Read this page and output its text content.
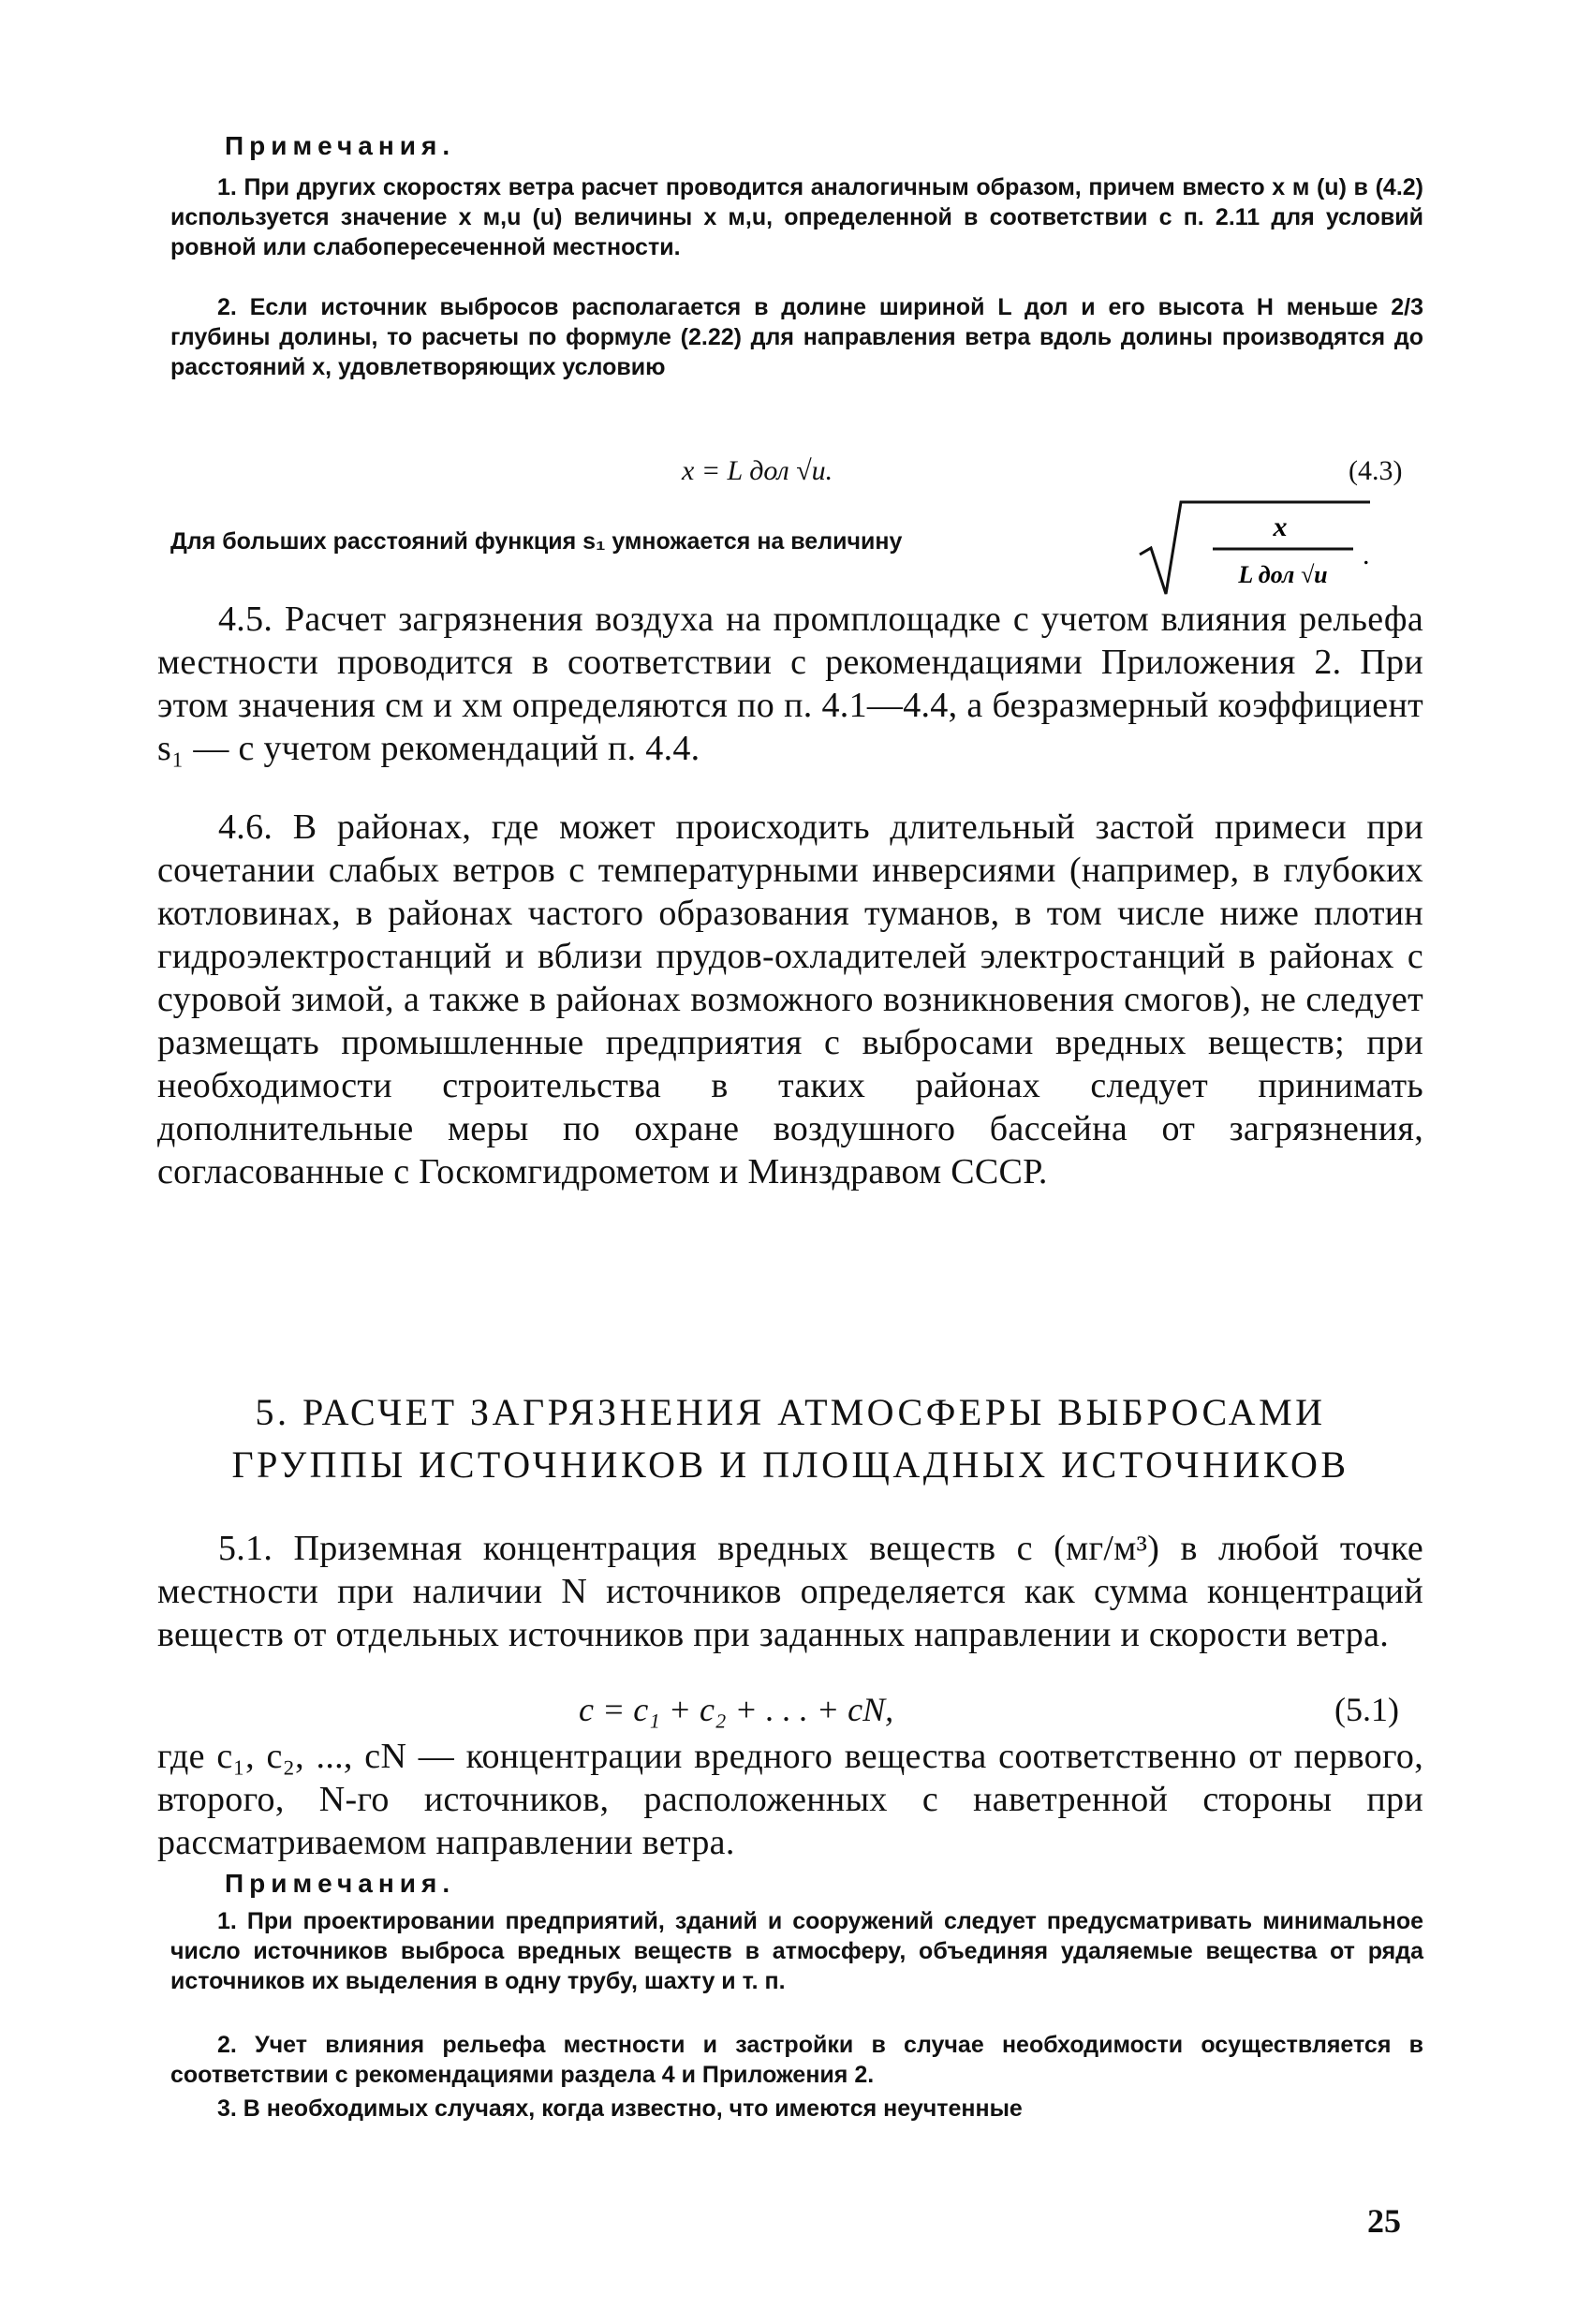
Примечания.

1. При других скоростях ветра расчет проводится аналогичным образом, причем вместо x м (u) в (4.2) используется значение x м,u (u) величины x м,u, определенной в соответствии с п. 2.11 для условий ровной или слабопересеченной местности.

2. Если источник выбросов располагается в долине шириной L дол и его высота H меньше 2/3 глубины долины, то расчеты по формуле (2.22) для направления ветра вдоль долины производятся до расстояний x, удовлетворяющих условию

x = L дол √u.	(4.3)

Для больших расстояний функция s₁ умножается на величину	x
L дол √u
.

4.5. Расчет загрязнения воздуха на промплощадке с учетом влияния рельефа местности проводится в соответствии с рекомендациями Приложения 2. При этом значения cм и xм определяются по п. 4.1—4.4, а безразмерный коэффициент s₁ — с учетом рекомендаций п. 4.4.

4.6. В районах, где может происходить длительный застой примеси при сочетании слабых ветров с температурными инверсиями (например, в глубоких котловинах, в районах частого образования туманов, в том числе ниже плотин гидроэлектростанций и вблизи прудов-охладителей электростанций в районах с суровой зимой, а также в районах возможного возникновения смогов), не следует размещать промышленные предприятия с выбросами вредных веществ; при необходимости строительства в таких районах следует принимать дополнительные меры по охране воздушного бассейна от загрязнения, согласованные с Госкомгидрометом и Минздравом СССР.

5. РАСЧЕТ ЗАГРЯЗНЕНИЯ АТМОСФЕРЫ ВЫБРОСАМИ
ГРУППЫ ИСТОЧНИКОВ И ПЛОЩАДНЫХ ИСТОЧНИКОВ

5.1. Приземная концентрация вредных веществ c (мг/м³) в любой точке местности при наличии N источников определяется как сумма концентраций веществ от отдельных источников при заданных направлении и скорости ветра.

c = c₁ + c₂ + . . . + cN,	(5.1)

где c₁, c₂, ..., cN — концентрации вредного вещества соответственно от первого, второго, N-го источников, расположенных с наветренной стороны при рассматриваемом направлении ветра.

Примечания.

1. При проектировании предприятий, зданий и сооружений следует предусматривать минимальное число источников выброса вредных веществ в атмосферу, объединяя удаляемые вещества от ряда источников их выделения в одну трубу, шахту и т. п.

2. Учет влияния рельефа местности и застройки в случае необходимости осуществляется в соответствии с рекомендациями раздела 4 и Приложения 2.

3. В необходимых случаях, когда известно, что имеются неучтенные

25
